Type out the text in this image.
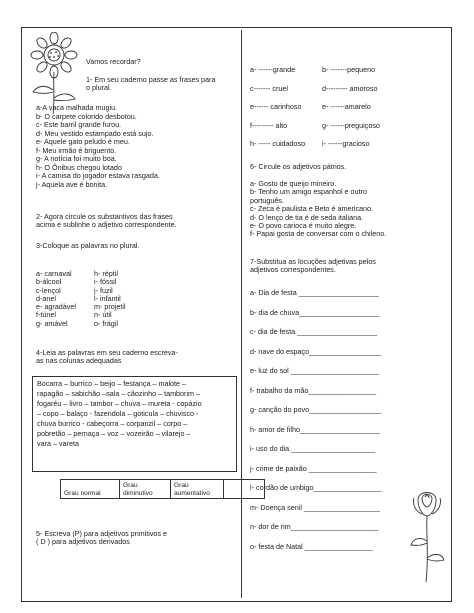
Vamos recordar?

1- Em seu caderno passe as frases para
o plural.
a-A vaca malhada mugiu.
b- O carpete colorido desbotou.
c- Este barril grande furou.
d- Meu vestido estampado está sujo.
e- Aquele gato peludo é meu.
f- Meu irmão é briguento.
g- A notícia foi muito boa.
h- O Ônibus chegou lotado
i- A camisa do jogador estava rasgada.
j- Aquela ave é bonita.
2- Agora circule os substantivos das frases
acima e sublinhe o adjetivo correspondente.

3-Coloque as palavras no plural.

a- carnaval	h- réptil
b-álcool	i- fóssil
c-lençol	j- fuzil
d-anel	l- infantil
e- agradável	m- projetil
f-túnel	n- útil
g- amável	o- frágil
4-Leia as palavras em seu caderno escreva-
as nas colunas adequadas
Bocarra – burrico – beijo – festança – malote –
rapagão – sabichão –sala – cãozinho – tamborim –
fogaréu – livro – tambor – chuva – mureta - copázio
– copo – balaço - fazendola – goticula – chuvisco -
chuva burrico - cabeçorra – corpanzil – corpo –
pobretão – pernaça – voz – vozeirão – vilarejo –
vara – vareta
Grau normal	Grau diminutivo	Grau aumentativo	
5- Escreva (P) para adjetivos primitivos e
( D ) para adjetivos derivados
a- ------grande	b- -------pequeno
c------- cruel	d--------- amoroso
e------ carinhoso	e- ------amarelo
f--------- alto	g- ------preguiçoso
h- ----- cuidadoso	i- ------gracioso

6- Circule os adjetivos pátrios.

a- Gosto de queijo mineiro.
b- Tenho um amigo espanhol e outro
português.
c- Zeca é paulista e Beto é americano.
d- O lenço de tia é de seda italiana.
e- O povo carioca é muito alegre.
f- Papai gosta de conversar com o chileno.
7-Substitua as locuções adjetivas pelos
adjetivos correspondentes.
a- Dia de festa ____________________
b- dia de chuva____________________
c- dia de festa ____________________
d- nave do espaço__________________
e- luz do sol ______________________
f- trabalho da mão_________________
g- canção do povo__________________
h- amor de filho____________________
i- uso do dia _____________________
j- crime de paixão _________________
l- cordão de umbigo_________________
m- Doença senil ___________________
n- dor de rim______________________
o- festa de Natal _________________
